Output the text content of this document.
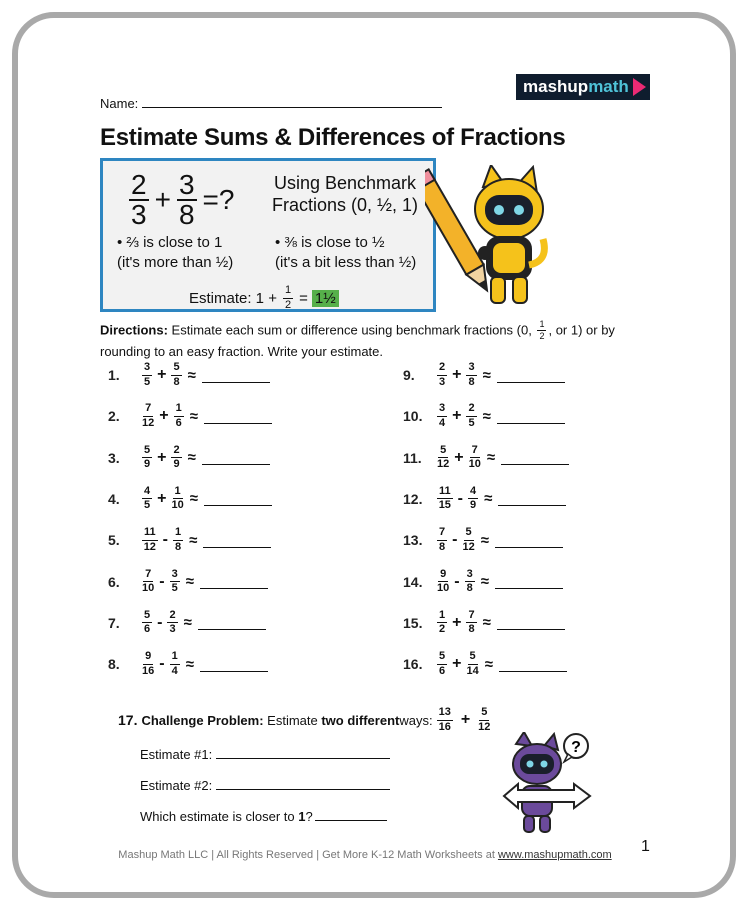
Name:
mashup math
Estimate Sums & Differences of Fractions
2
$3 + \frac{3}{8}$ =?
Using Benchmark
Fractions (0, ½, 1)
• ⅔ is close to 1
(it's more than ½)
• ⅜ is close to ½
(it's a bit less than ½)
Estimate: $1 + \frac{1}{2}$ = 1½
Directions: Estimate each sum or difference using benchmark fractions (0, $\frac{1}{2}$ , or 1) or by rounding to an easy fraction. Write your estimate.
1.	$\frac{3}{5} + \frac{5}{8}$ ≈
2.	$\frac{7}{12} + \frac{1}{6}$ ≈
3.	$\frac{5}{9} + \frac{2}{9}$ ≈
4.	$\frac{4}{5} + \frac{1}{10}$ ≈
5.	$\frac{11}{12} - \frac{1}{8}$ ≈
6.	$\frac{7}{10} - \frac{3}{5}$ ≈
7.	$\frac{5}{6} - \frac{2}{3}$ ≈
8.	$\frac{9}{16} - \frac{1}{4}$ ≈
9.	$\frac{2}{3} + \frac{3}{8}$ ≈
10.	$\frac{3}{4} + \frac{2}{5}$ ≈
11.	$\frac{5}{12} + \frac{7}{10}$ ≈
12.	$\frac{11}{15} - \frac{4}{9}$ ≈
13.	$\frac{7}{8} - \frac{5}{12}$ ≈
14.	$\frac{9}{10} - \frac{3}{8}$ ≈
15.	$\frac{1}{2} + \frac{7}{8}$ ≈
16.	$\frac{5}{6} + \frac{5}{14}$ ≈
17. Challenge Problem: Estimate two different ways: $\frac{13}{16} + \frac{5}{12}$
Estimate #1:
Estimate #2:
Which estimate is closer to 1?
?
Mashup Math LLC | All Rights Reserved | Get More K-12 Math Worksheets at www.mashupmath.com	1
